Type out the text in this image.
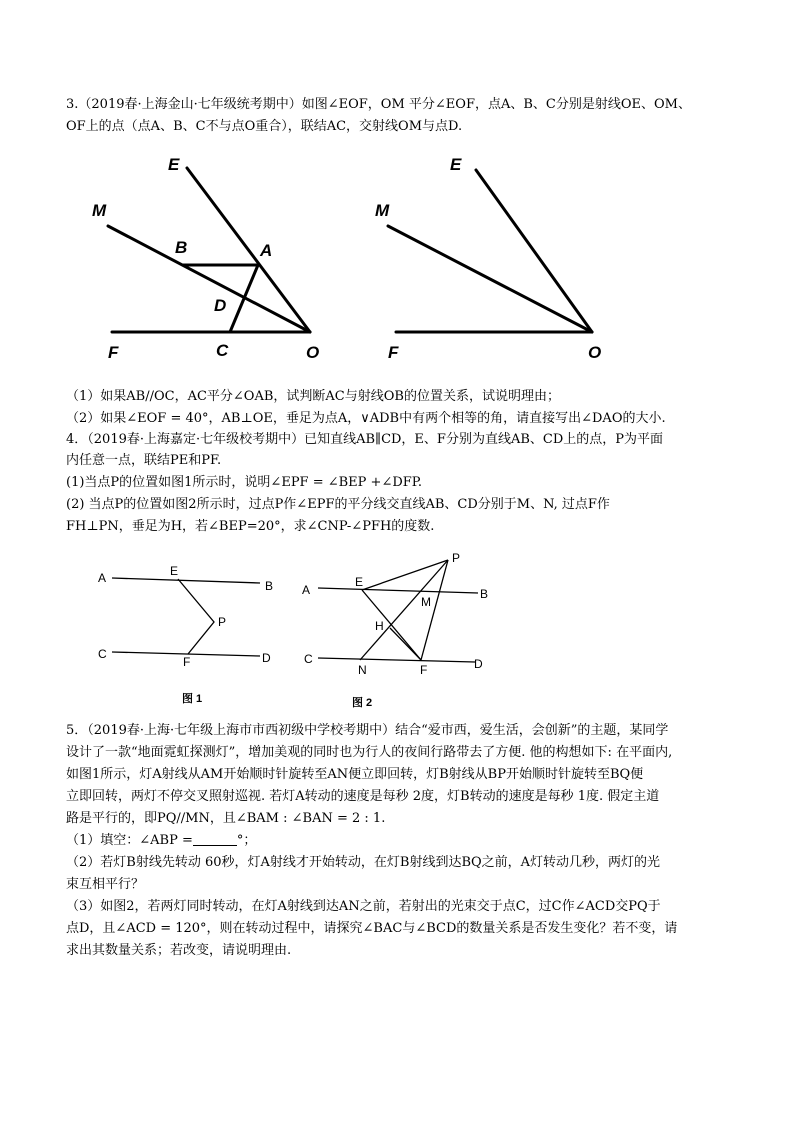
3.（2019春·上海金山·七年级统考期中）如图∠EOF，OM 平分∠EOF，点A、B、C分别是射线OE、OM、
OF上的点（点A、B、C不与点O重合），联结AC，交射线OM与点D.
E
M
B	A
D
F	C	O
E
M
F	O
（1）如果AB//OC，AC平分∠OAB，试判断AC与射线OB的位置关系，试说明理由；
（2）如果∠EOF = 40°，AB⊥OE，垂足为点A，∨ADB中有两个相等的角，请直接写出∠DAO的大小.
4．（2019春·上海嘉定·七年级校考期中）已知直线AB∥CD，E、F分别为直线AB、CD上的点，P为平面
内任意一点，联结PE和PF.
(1)当点P的位置如图1所示时，说明∠EPF = ∠BEP +∠DFP.
(2) 当点P的位置如图2所示时，过点P作∠EPF的平分线交直线AB、CD分别于M、N, 过点F作
FH⊥PN，垂足为H，若∠BEP=20°，求∠CNP-∠PFH的度数.
A	E
B
P
C
F	D
图 1
P
E
A
M
B
H
C
N	F	D
图 2
5．（2019春·上海·七年级上海市市西初级中学校考期中）结合“爱市西，爱生活，会创新”的主题，某同学
设计了一款“地面霓虹探测灯”，增加美观的同时也为行人的夜间行路带去了方便. 他的构想如下: 在平面内,
如图1所示，灯A射线从AM开始顺时针旋转至AN便立即回转，灯B射线从BP开始顺时针旋转至BQ便
立即回转，两灯不停交叉照射巡视. 若灯A转动的速度是每秒 2度，灯B转动的速度是每秒 1度. 假定主道
路是平行的，即PQ//MN，且∠BAM : ∠BAN = 2 : 1.
（1）填空：∠ABP =	°；
（2）若灯B射线先转动 60秒，灯A射线才开始转动，在灯B射线到达BQ之前，A灯转动几秒，两灯的光
束互相平行？
（3）如图2，若两灯同时转动，在灯A射线到达AN之前，若射出的光束交于点C，过C作∠ACD交PQ于
点D，且∠ACD = 120°，则在转动过程中，请探究∠BAC与∠BCD的数量关系是否发生变化？若不变，请
求出其数量关系；若改变，请说明理由.
